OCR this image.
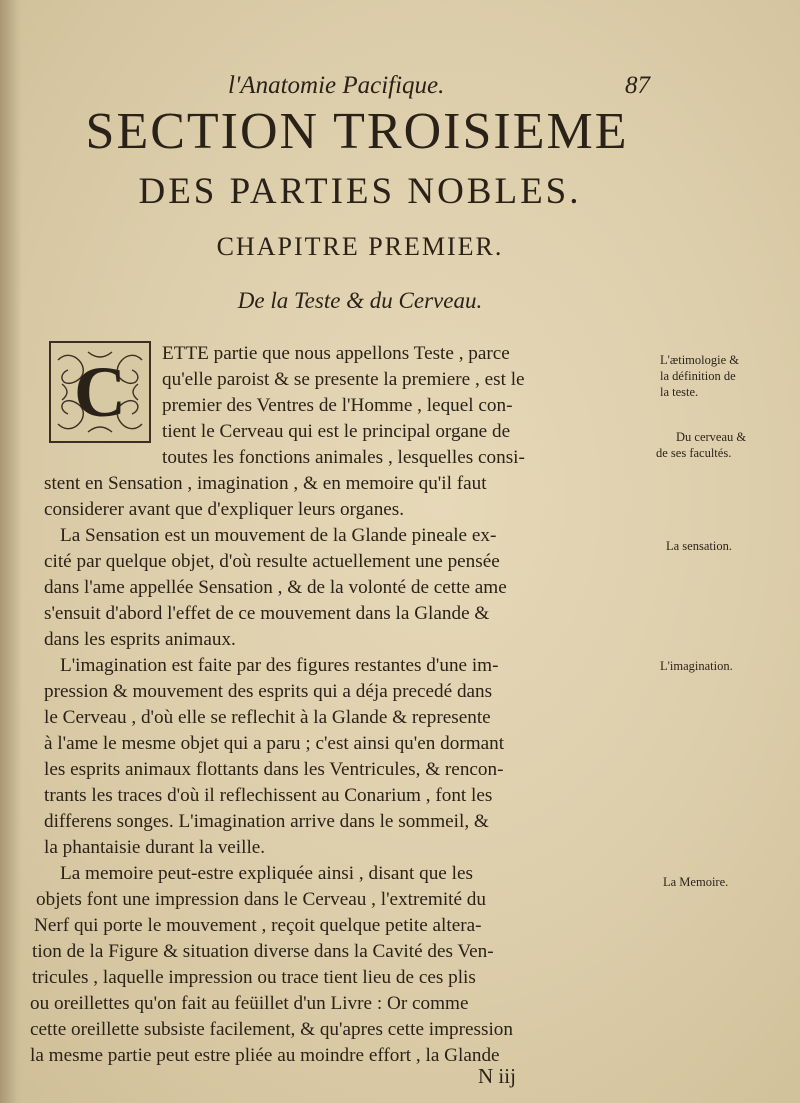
l'Anatomie Pacifique.	87
SECTION TROISIEME
DES PARTIES NOBLES.
CHAPITRE PREMIER.
De la Teste & du Cerveau.
C ETTE partie que nous appellons Teste , parce
qu'elle paroist & se presente la premiere , est le
premier des Ventres de l'Homme , lequel con-
tient le Cerveau qui est le principal organe de
toutes les fonctions animales , lesquelles consi-
stent en Sensation , imagination , & en memoire qu'il faut
considerer avant que d'expliquer leurs organes.
La Sensation est un mouvement de la Glande pineale ex-
cité par quelque objet, d'où resulte actuellement une pensée
dans l'ame appellée Sensation , & de la volonté de cette ame
s'ensuit d'abord l'effet de ce mouvement dans la Glande &
dans les esprits animaux.
L'imagination est faite par des figures restantes d'une im-
pression & mouvement des esprits qui a déja precedé dans
le Cerveau , d'où elle se reflechit à la Glande & represente
à l'ame le mesme objet qui a paru ; c'est ainsi qu'en dormant
les esprits animaux flottants dans les Ventricules, & rencon-
trants les traces d'où il reflechissent au Conarium , font les
differens songes. L'imagination arrive dans le sommeil, &
la phantaisie durant la veille.
La memoire peut-estre expliquée ainsi , disant que les
objets font une impression dans le Cerveau , l'extremité du
Nerf qui porte le mouvement , reçoit quelque petite altera-
tion de la Figure & situation diverse dans la Cavité des Ven-
tricules , laquelle impression ou trace tient lieu de ces plis
ou oreillettes qu'on fait au feüillet d'un Livre : Or comme
cette oreillette subsiste facilement, & qu'apres cette impression
la mesme partie peut estre pliée au moindre effort , la Glande
L'ætimologie &
la définition de
la teste.
Du cerveau &
de ses facultés.
La sensation.
L'imagination.
La Memoire.
N iij
